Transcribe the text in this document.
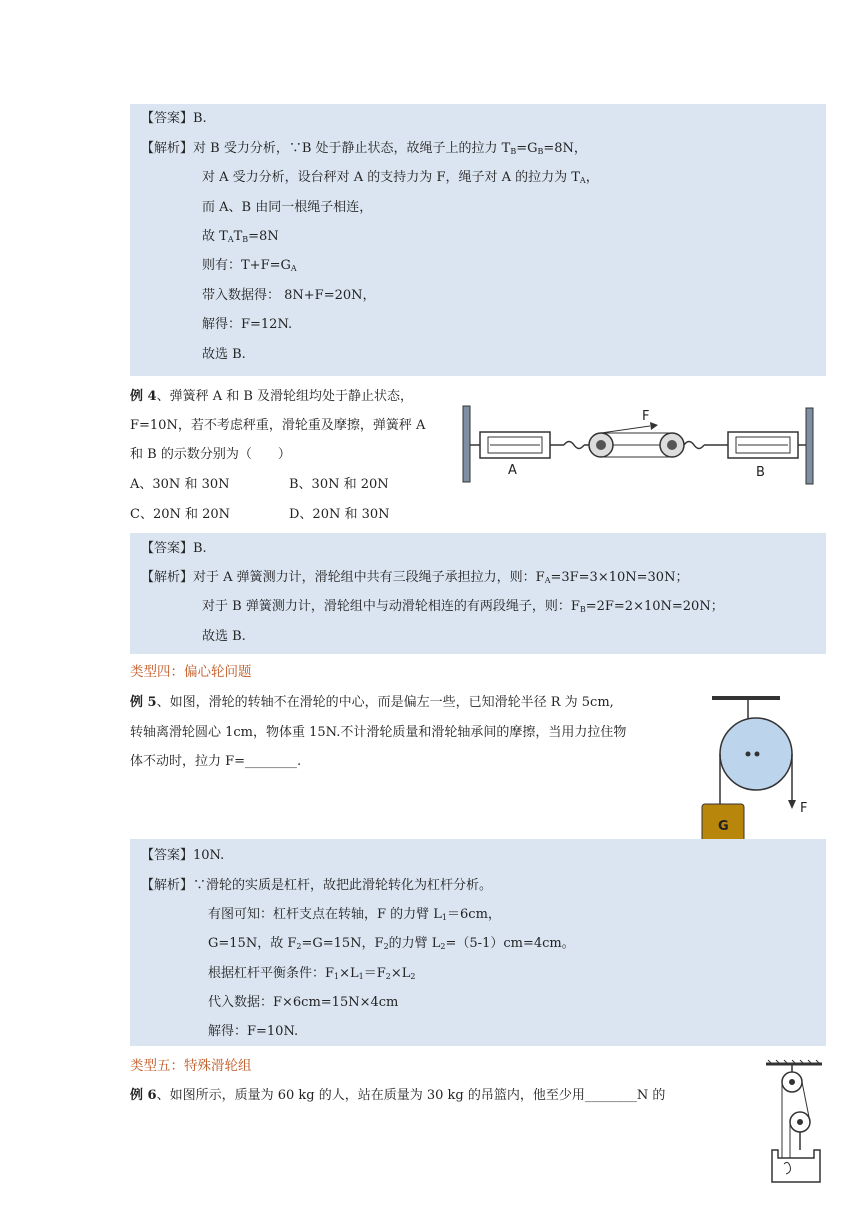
【答案】B.
【解析】对 B 受力分析，∵B 处于静止状态，故绳子上的拉力 $T_B=G_B=8N$，
对 A 受力分析，设台秤对 A 的支持力为 F，绳子对 A 的拉力为 $T_A$，
而 A、B 由同一根绳子相连，
故 $T_AT_B=8N$
则有：$T+F=G_A$
带入数据得： 8N+F=20N，
解得：F=12N.
故选 B.
例 4、弹簧秤 A 和 B 及滑轮组均处于静止状态，
F=10N，若不考虑秤重，滑轮重及摩擦，弹簧秤 A
和 B 的示数分别为（　　）
A、30N 和 30N	B、30N 和 20N
C、20N 和 20N	D、20N 和 30N
F
A	B
【答案】B.
【解析】对于 A 弹簧测力计，滑轮组中共有三段绳子承担拉力，则：$F_A=3F=3\times 10N=30N$；
对于 B 弹簧测力计，滑轮组中与动滑轮相连的有两段绳子，则：$F_B=2F=2\times 10N=20N$；
故选 B.
类型四：偏心轮问题
例 5、如图，滑轮的转轴不在滑轮的中心，而是偏左一些，已知滑轮半径 R 为 5cm,
转轴离滑轮圆心 1cm，物体重 15N.不计滑轮质量和滑轮轴承间的摩擦，当用力拉住物
体不动时，拉力 F=________.
G
F
【答案】10N.
【解析】∵滑轮的实质是杠杆，故把此滑轮转化为杠杆分析。
有图可知：杠杆支点在转轴，F 的力臂 $L_1=6cm$，
G=15N，故 $F_2=G=15N$，$F_2$的力臂 $L_2=(5-1)cm=4cm$。
根据杠杆平衡条件：$F_1\times L_1=F_2\times L_2$
代入数据：F×6cm=15N×4cm
解得：F=10N.
类型五：特殊滑轮组
例 6、如图所示，质量为 60 kg 的人，站在质量为 30 kg 的吊篮内，他至少用________N 的
